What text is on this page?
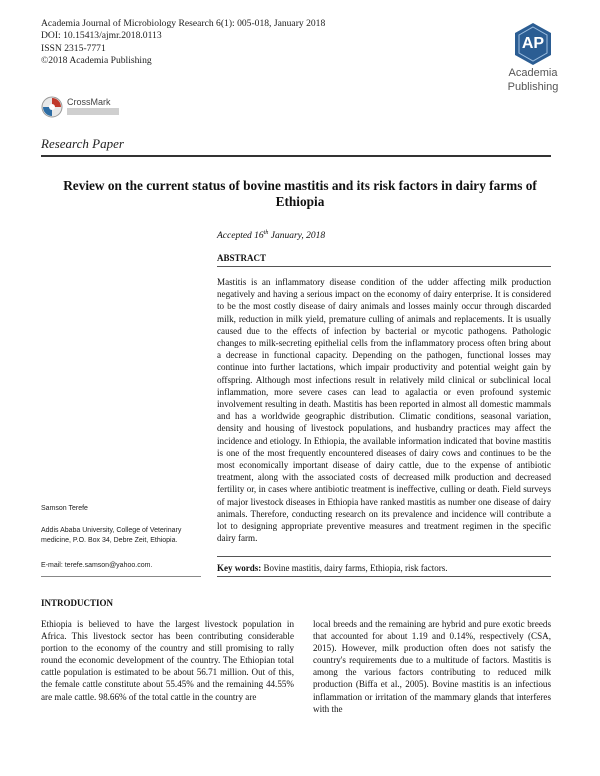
Academia Journal of Microbiology Research 6(1): 005-018, January 2018
DOI: 10.15413/ajmr.2018.0113
ISSN 2315-7771
©2018 Academia Publishing
AP
Academia
Publishing
CrossMark
Research Paper
Review on the current status of bovine mastitis and its risk factors in dairy farms of Ethiopia
Accepted 16th January, 2018
ABSTRACT
Mastitis is an inflammatory disease condition of the udder affecting milk production negatively and having a serious impact on the economy of dairy enterprise. It is considered to be the most costly disease of dairy animals and losses mainly occur through discarded milk, reduction in milk yield, premature culling of animals and replacements. It is usually caused due to the effects of infection by bacterial or mycotic pathogens. Pathologic changes to milk-secreting epithelial cells from the inflammatory process often bring about a decrease in functional capacity. Depending on the pathogen, functional losses may continue into further lactations, which impair productivity and potential weight gain by offspring. Although most infections result in relatively mild clinical or subclinical local inflammation, more severe cases can lead to agalactia or even profound systemic involvement resulting in death. Mastitis has been reported in almost all domestic mammals and has a worldwide geographic distribution. Climatic conditions, seasonal variation, density and housing of livestock populations, and husbandry practices may affect the incidence and etiology. In Ethiopia, the available information indicated that bovine mastitis is one of the most frequently encountered diseases of dairy cows and continues to be the most economically important disease of dairy cattle, due to the expense of antibiotic treatment, along with the associated costs of decreased milk production and decreased fertility or, in cases where antibiotic treatment is ineffective, culling or death. Field surveys of major livestock diseases in Ethiopia have ranked mastitis as number one disease of dairy animals. Therefore, conducting research on its prevalence and incidence will contribute a lot to designing appropriate preventive measures and treatment regimen in the specific dairy farm.
Key words: Bovine mastitis, dairy farms, Ethiopia, risk factors.
Samson Terefe
Addis Ababa University, College of Veterinary medicine, P.O. Box 34, Debre Zeit, Ethiopia.
E-mail: terefe.samson@yahoo.com.
INTRODUCTION
Ethiopia is believed to have the largest livestock population in Africa. This livestock sector has been contributing considerable portion to the economy of the country and still promising to rally round the economic development of the country. The Ethiopian total cattle population is estimated to be about 56.71 million. Out of this, the female cattle constitute about 55.45% and the remaining 44.55% are male cattle. 98.66% of the total cattle in the country are
local breeds and the remaining are hybrid and pure exotic breeds that accounted for about 1.19 and 0.14%, respectively (CSA, 2015). However, milk production often does not satisfy the country's requirements due to a multitude of factors. Mastitis is among the various factors contributing to reduced milk production (Biffa et al., 2005). Bovine mastitis is an infectious inflammation or irritation of the mammary glands that interferes with the
